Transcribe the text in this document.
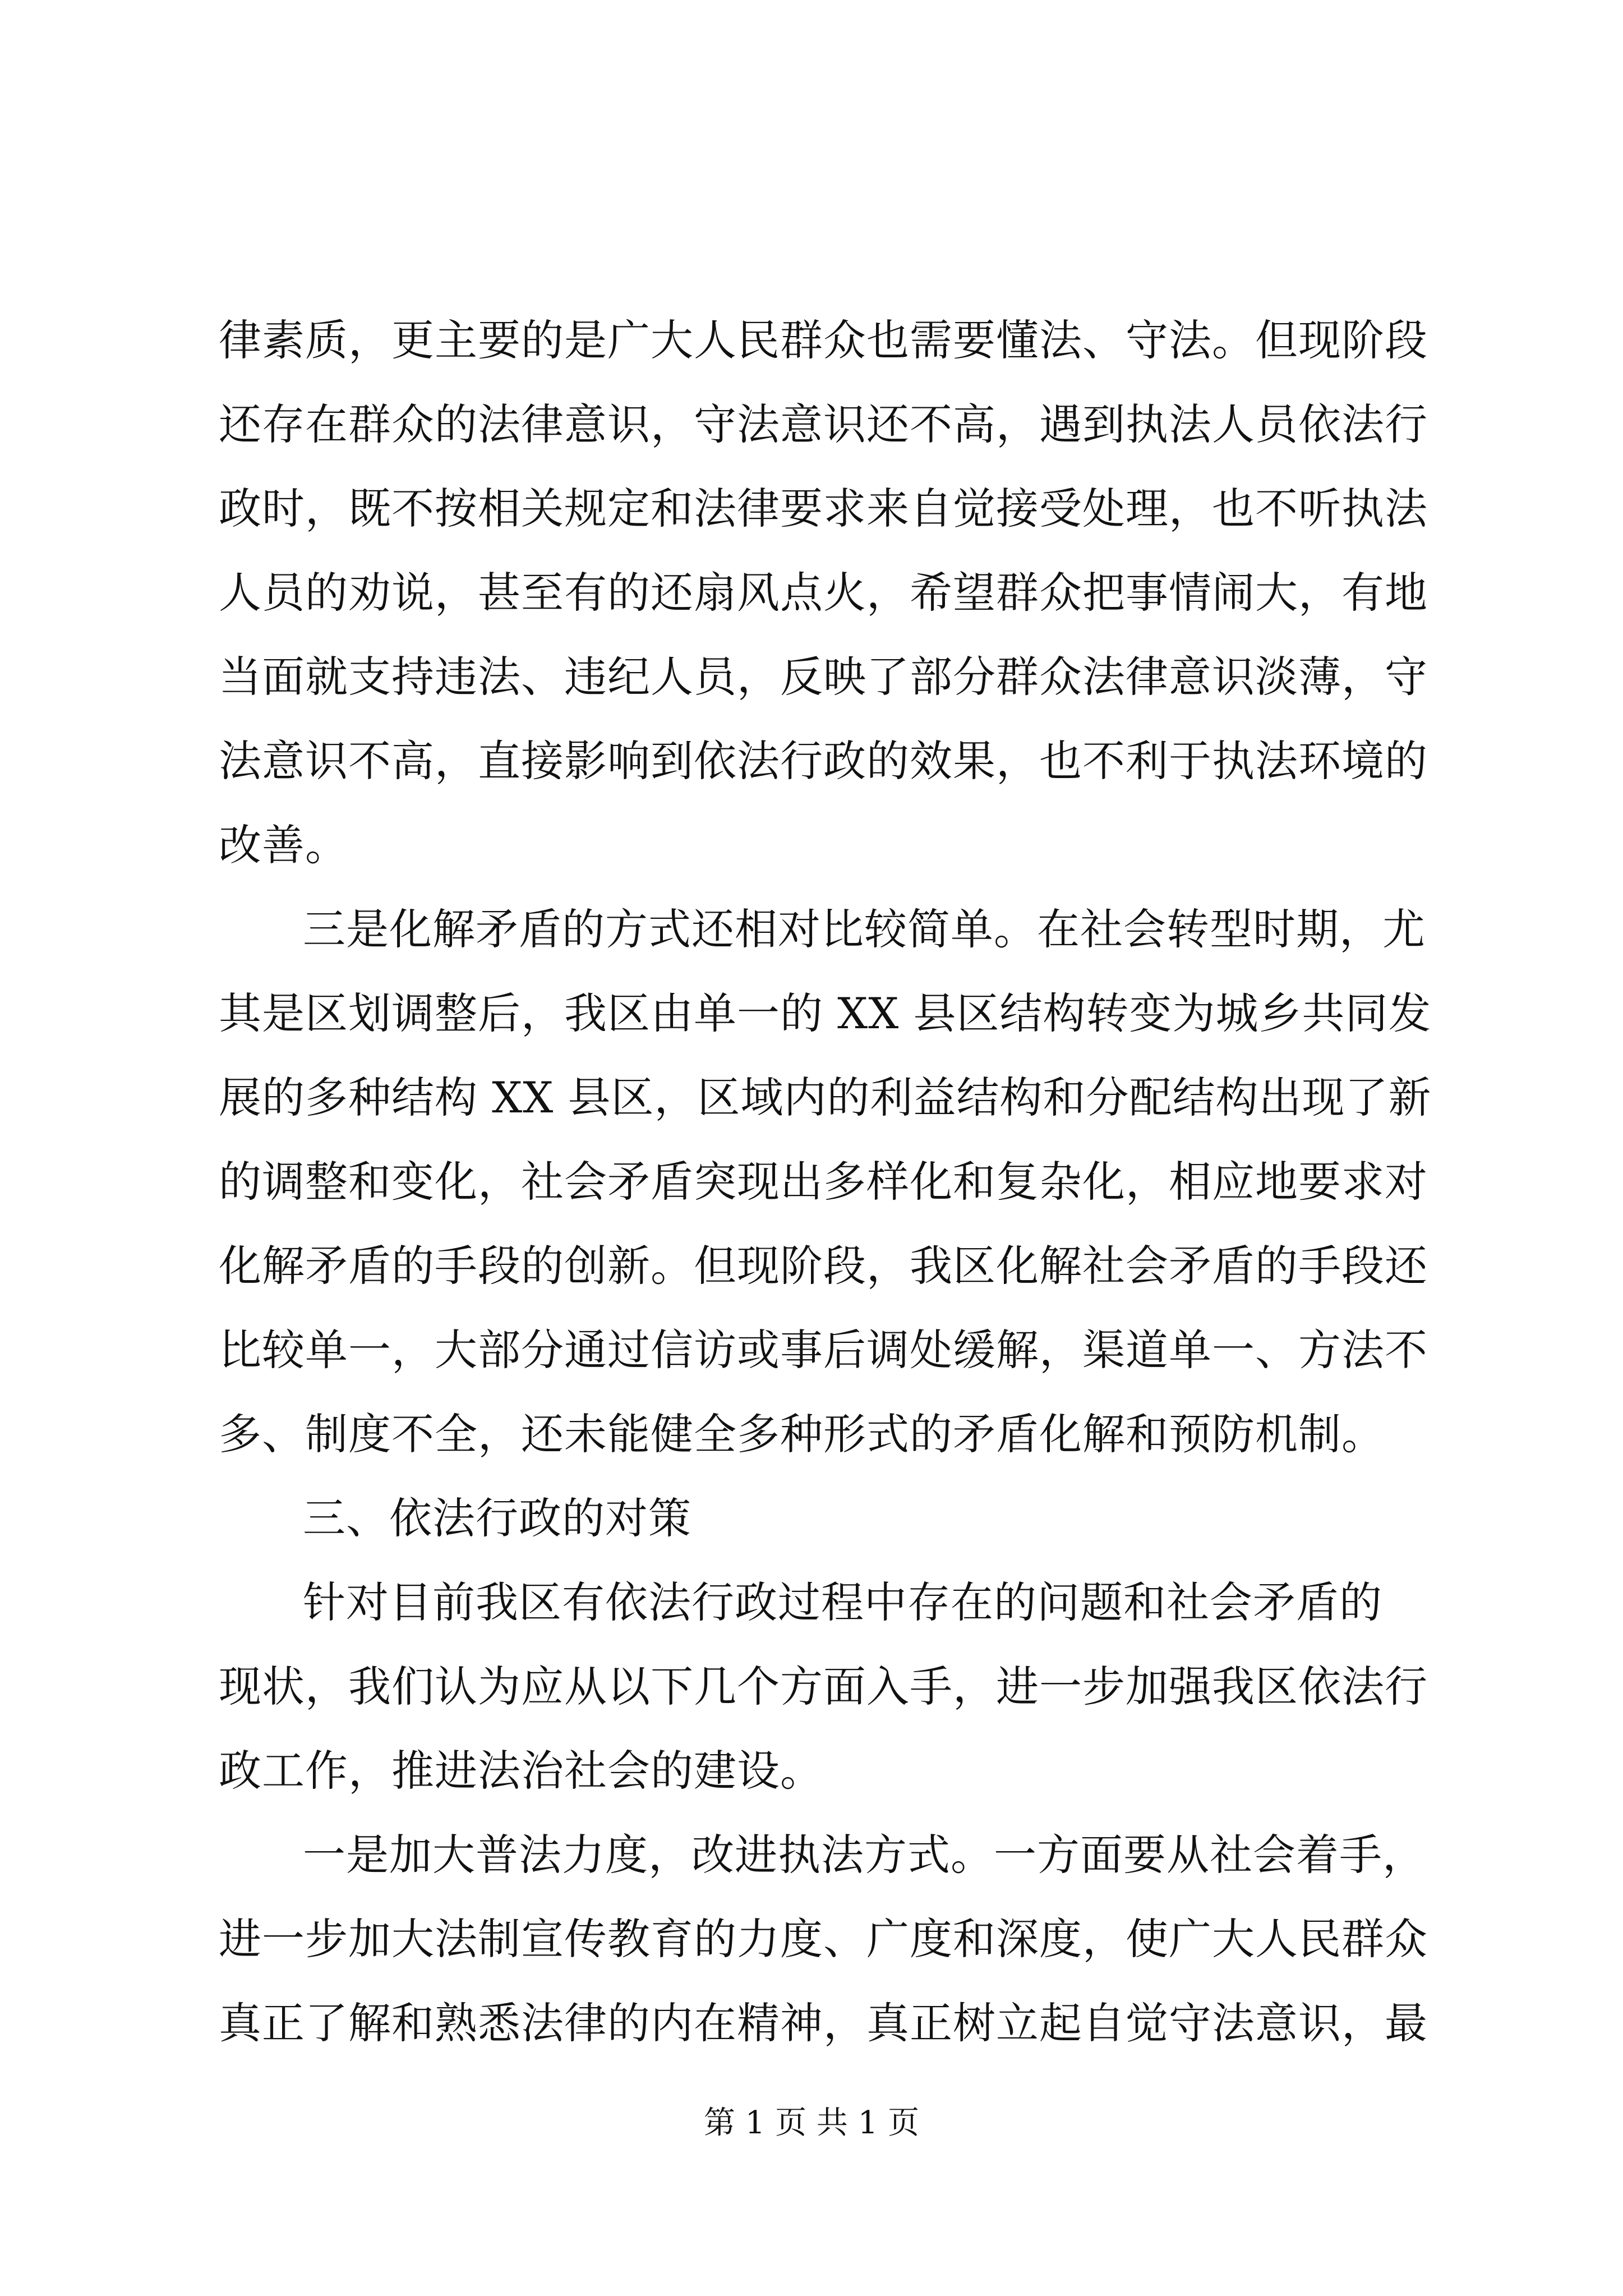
律素质，更主要的是广大人民群众也需要懂法、守法。但现阶段
还存在群众的法律意识，守法意识还不高，遇到执法人员依法行
政时，既不按相关规定和法律要求来自觉接受处理，也不听执法
人员的劝说，甚至有的还扇风点火，希望群众把事情闹大，有地
当面就支持违法、违纪人员，反映了部分群众法律意识淡薄，守
法意识不高，直接影响到依法行政的效果，也不利于执法环境的
改善。
三是化解矛盾的方式还相对比较简单。在社会转型时期，尤
其是区划调整后，我区由单一的 XX 县区结构转变为城乡共同发
展的多种结构 XX 县区，区域内的利益结构和分配结构出现了新
的调整和变化，社会矛盾突现出多样化和复杂化，相应地要求对
化解矛盾的手段的创新。但现阶段，我区化解社会矛盾的手段还
比较单一，大部分通过信访或事后调处缓解，渠道单一、方法不
多、制度不全，还未能健全多种形式的矛盾化解和预防机制。
三、依法行政的对策
针对目前我区有依法行政过程中存在的问题和社会矛盾的
现状，我们认为应从以下几个方面入手，进一步加强我区依法行
政工作，推进法治社会的建设。
一是加大普法力度，改进执法方式。一方面要从社会着手，
进一步加大法制宣传教育的力度、广度和深度，使广大人民群众
真正了解和熟悉法律的内在精神，真正树立起自觉守法意识，最
第 1 页 共 1 页
